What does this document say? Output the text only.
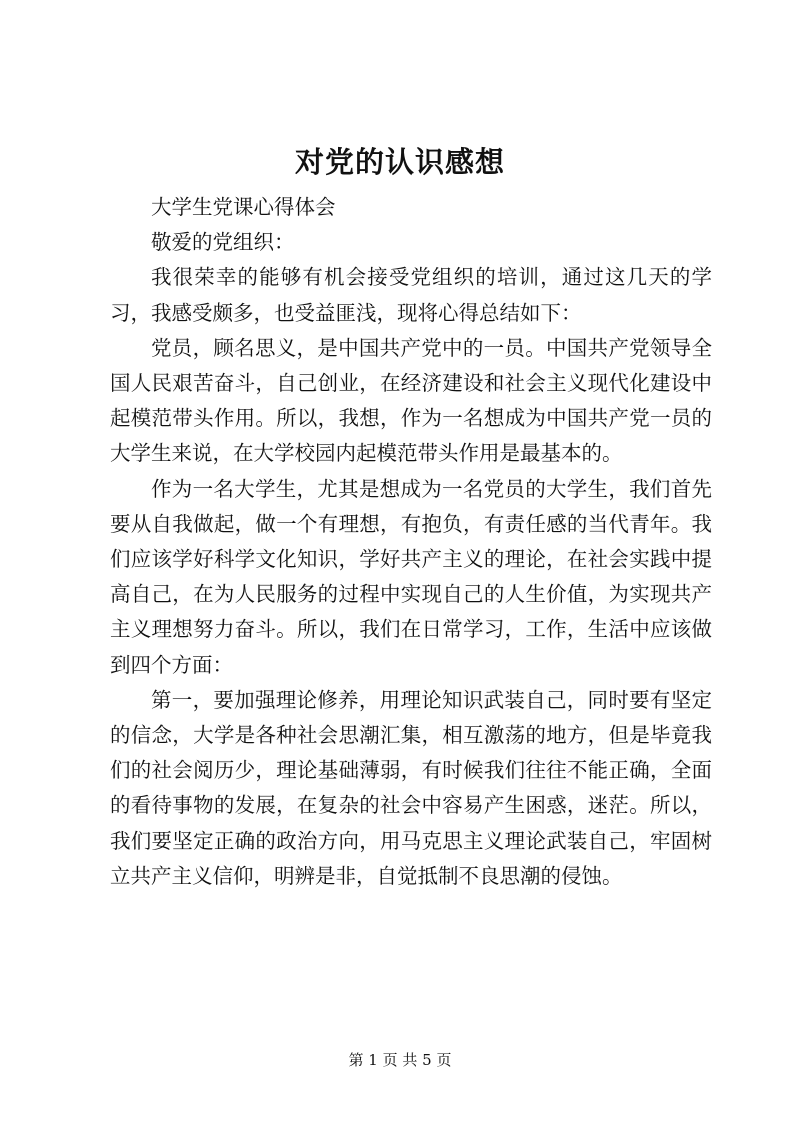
对党的认识感想

大学生党课心得体会

敬爱的党组织：

我很荣幸的能够有机会接受党组织的培训，通过这几天的学习，我感受颇多，也受益匪浅，现将心得总结如下：

党员，顾名思义，是中国共产党中的一员。中国共产党领导全国人民艰苦奋斗，自己创业，在经济建设和社会主义现代化建设中起模范带头作用。所以，我想，作为一名想成为中国共产党一员的大学生来说，在大学校园内起模范带头作用是最基本的。

作为一名大学生，尤其是想成为一名党员的大学生，我们首先要从自我做起，做一个有理想，有抱负，有责任感的当代青年。我们应该学好科学文化知识，学好共产主义的理论，在社会实践中提高自己，在为人民服务的过程中实现自己的人生价值，为实现共产主义理想努力奋斗。所以，我们在日常学习，工作，生活中应该做到四个方面：

第一，要加强理论修养，用理论知识武装自己，同时要有坚定的信念，大学是各种社会思潮汇集，相互激荡的地方，但是毕竟我们的社会阅历少，理论基础薄弱，有时候我们往往不能正确，全面的看待事物的发展，在复杂的社会中容易产生困惑，迷茫。所以，我们要坚定正确的政治方向，用马克思主义理论武装自己，牢固树立共产主义信仰，明辨是非，自觉抵制不良思潮的侵蚀。

第 1 页 共 5 页
